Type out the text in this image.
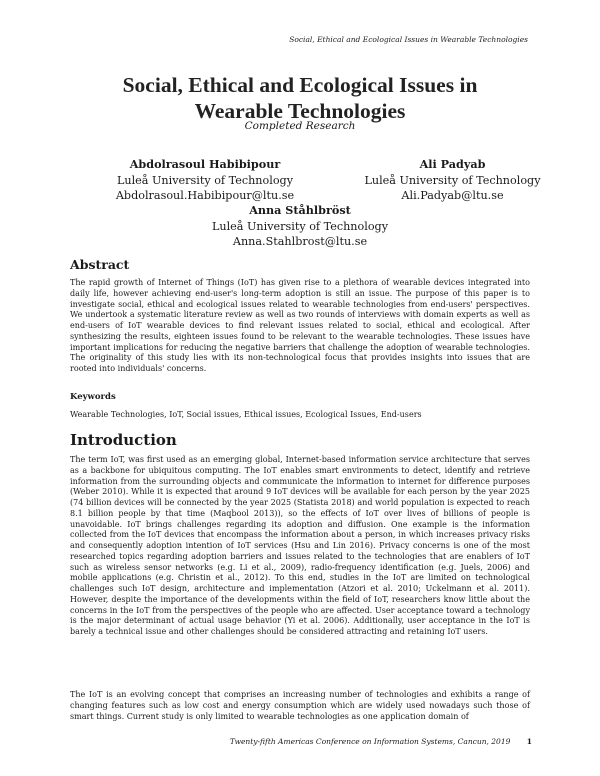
Social, Ethical and Ecological Issues in Wearable Technologies
Social, Ethical and Ecological Issues in
Wearable Technologies
Completed Research
Abdolrasoul Habibipour
Luleå University of Technology
Abdolrasoul.Habibipour@ltu.se
Ali Padyab
Luleå University of Technology
Ali.Padyab@ltu.se
Anna Ståhlbröst
Luleå University of Technology
Anna.Stahlbrost@ltu.se
Abstract

The rapid growth of Internet of Things (IoT) has given rise to a plethora of wearable devices integrated into daily life, however achieving end-user's long-term adoption is still an issue. The purpose of this paper is to investigate social, ethical and ecological issues related to wearable technologies from end-users' perspectives. We undertook a systematic literature review as well as two rounds of interviews with domain experts as well as end-users of IoT wearable devices to find relevant issues related to social, ethical and ecological. After synthesizing the results, eighteen issues found to be relevant to the wearable technologies. These issues have important implications for reducing the negative barriers that challenge the adoption of wearable technologies. The originality of this study lies with its non-technological focus that provides insights into issues that are rooted into individuals' concerns.

Keywords
Wearable Technologies, IoT, Social issues, Ethical issues, Ecological Issues, End-users
Introduction

The term IoT, was first used as an emerging global, Internet-based information service architecture that serves as a backbone for ubiquitous computing. The IoT enables smart environments to detect, identify and retrieve information from the surrounding objects and communicate the information to internet for difference purposes (Weber 2010). While it is expected that around 9 IoT devices will be available for each person by the year 2025 (74 billion devices will be connected by the year 2025 (Statista 2018) and world population is expected to reach 8.1 billion people by that time (Maqbool 2013)), so the effects of IoT over lives of billions of people is unavoidable. IoT brings challenges regarding its adoption and diffusion. One example is the information collected from the IoT devices that encompass the information about a person, in which increases privacy risks and consequently adoption intention of IoT services (Hsu and Lin 2016). Privacy concerns is one of the most researched topics regarding adoption barriers and issues related to the technologies that are enablers of IoT such as wireless sensor networks (e.g. Li et al., 2009), radio-frequency identification (e.g. Juels, 2006) and mobile applications (e.g. Christin et al., 2012). To this end, studies in the IoT are limited on technological challenges such IoT design, architecture and implementation (Atzori et al. 2010; Uckelmann et al. 2011). However, despite the importance of the developments within the field of IoT, researchers know little about the concerns in the IoT from the perspectives of the people who are affected. User acceptance toward a technology is the major determinant of actual usage behavior (Yi et al. 2006). Additionally, user acceptance in the IoT is barely a technical issue and other challenges should be considered attracting and retaining IoT users.

The IoT is an evolving concept that comprises an increasing number of technologies and exhibits a range of changing features such as low cost and energy consumption which are widely used nowadays such those of smart things. Current study is only limited to wearable technologies as one application domain of

Twenty-fifth Americas Conference on Information Systems, Cancun, 2019 1
